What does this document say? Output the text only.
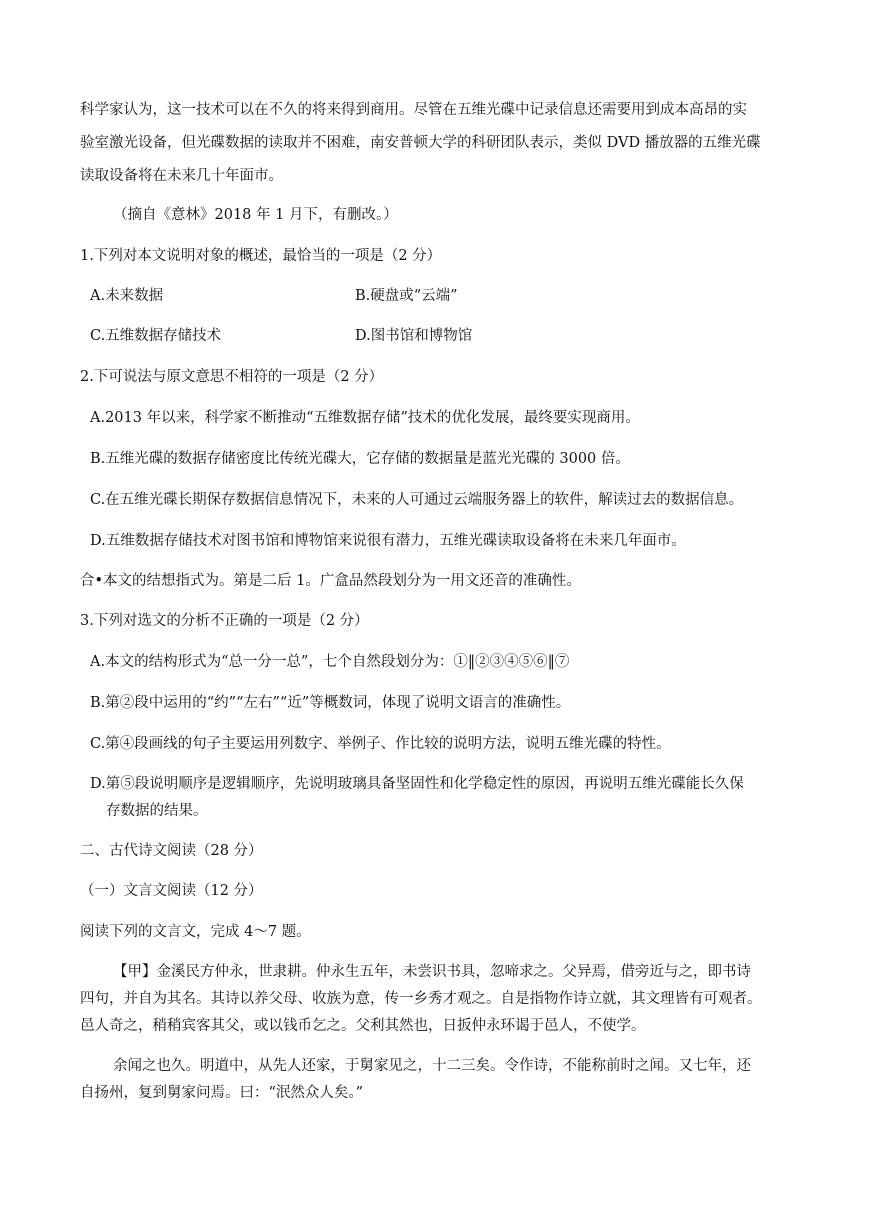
科学家认为，这一技术可以在不久的将来得到商用。尽管在五维光碟中记录信息还需要用到成本高昂的实
验室激光设备，但光碟数据的读取并不困难，南安普顿大学的科研团队表示，类似 DVD 播放器的五维光碟
读取设备将在未来几十年面市。
（摘自《意林》2018 年 1 月下，有删改。）
1.下列对本文说明对象的概述，最恰当的一项是（2 分）
A.未来数据	B.硬盘或“云端”
C.五维数据存储技术	D.图书馆和博物馆
2.下可说法与原文意思不相符的一项是（2 分）
A.2013 年以来，科学家不断推动“五维数据存储”技术的优化发展，最终要实现商用。
B.五维光碟的数据存储密度比传统光碟大，它存储的数据量是蓝光光碟的 3000 倍。
C.在五维光碟长期保存数据信息情况下，未来的人可通过云端服务器上的软件，解读过去的数据信息。
D.五维数据存储技术对图书馆和博物馆来说很有潜力，五维光碟读取设备将在未来几年面市。
合•本文的结想指式为。第是二后 1。广盒品然段划分为一用文还音的准确性。
3.下列对选文的分析不正确的一项是（2 分）
A.本文的结构形式为“总一分一总”，七个自然段划分为：①‖②③④⑤⑥‖⑦
B.第②段中运用的“约”“左右”“近”等概数词，体现了说明文语言的准确性。
C.第④段画线的句子主要运用列数字、举例子、作比较的说明方法，说明五维光碟的特性。
D.第⑤段说明顺序是逻辑顺序，先说明玻璃具备坚固性和化学稳定性的原因，再说明五维光碟能长久保
存数据的结果。
二、古代诗文阅读（28 分）
（一）文言文阅读（12 分）
阅读下列的文言文，完成 4～7 题。
【甲】金溪民方仲永，世隶耕。仲永生五年，未尝识书具，忽啼求之。父异焉，借旁近与之，即书诗
四句，并自为其名。其诗以养父母、收族为意，传一乡秀才观之。自是指物作诗立就，其文理皆有可观者。
邑人奇之，稍稍宾客其父，或以钱币乞之。父利其然也，日扳仲永环谒于邑人，不使学。
余闻之也久。明道中，从先人还家，于舅家见之，十二三矣。令作诗，不能称前时之闻。又七年，还
自扬州，复到舅家问焉。曰：“泯然众人矣。”
